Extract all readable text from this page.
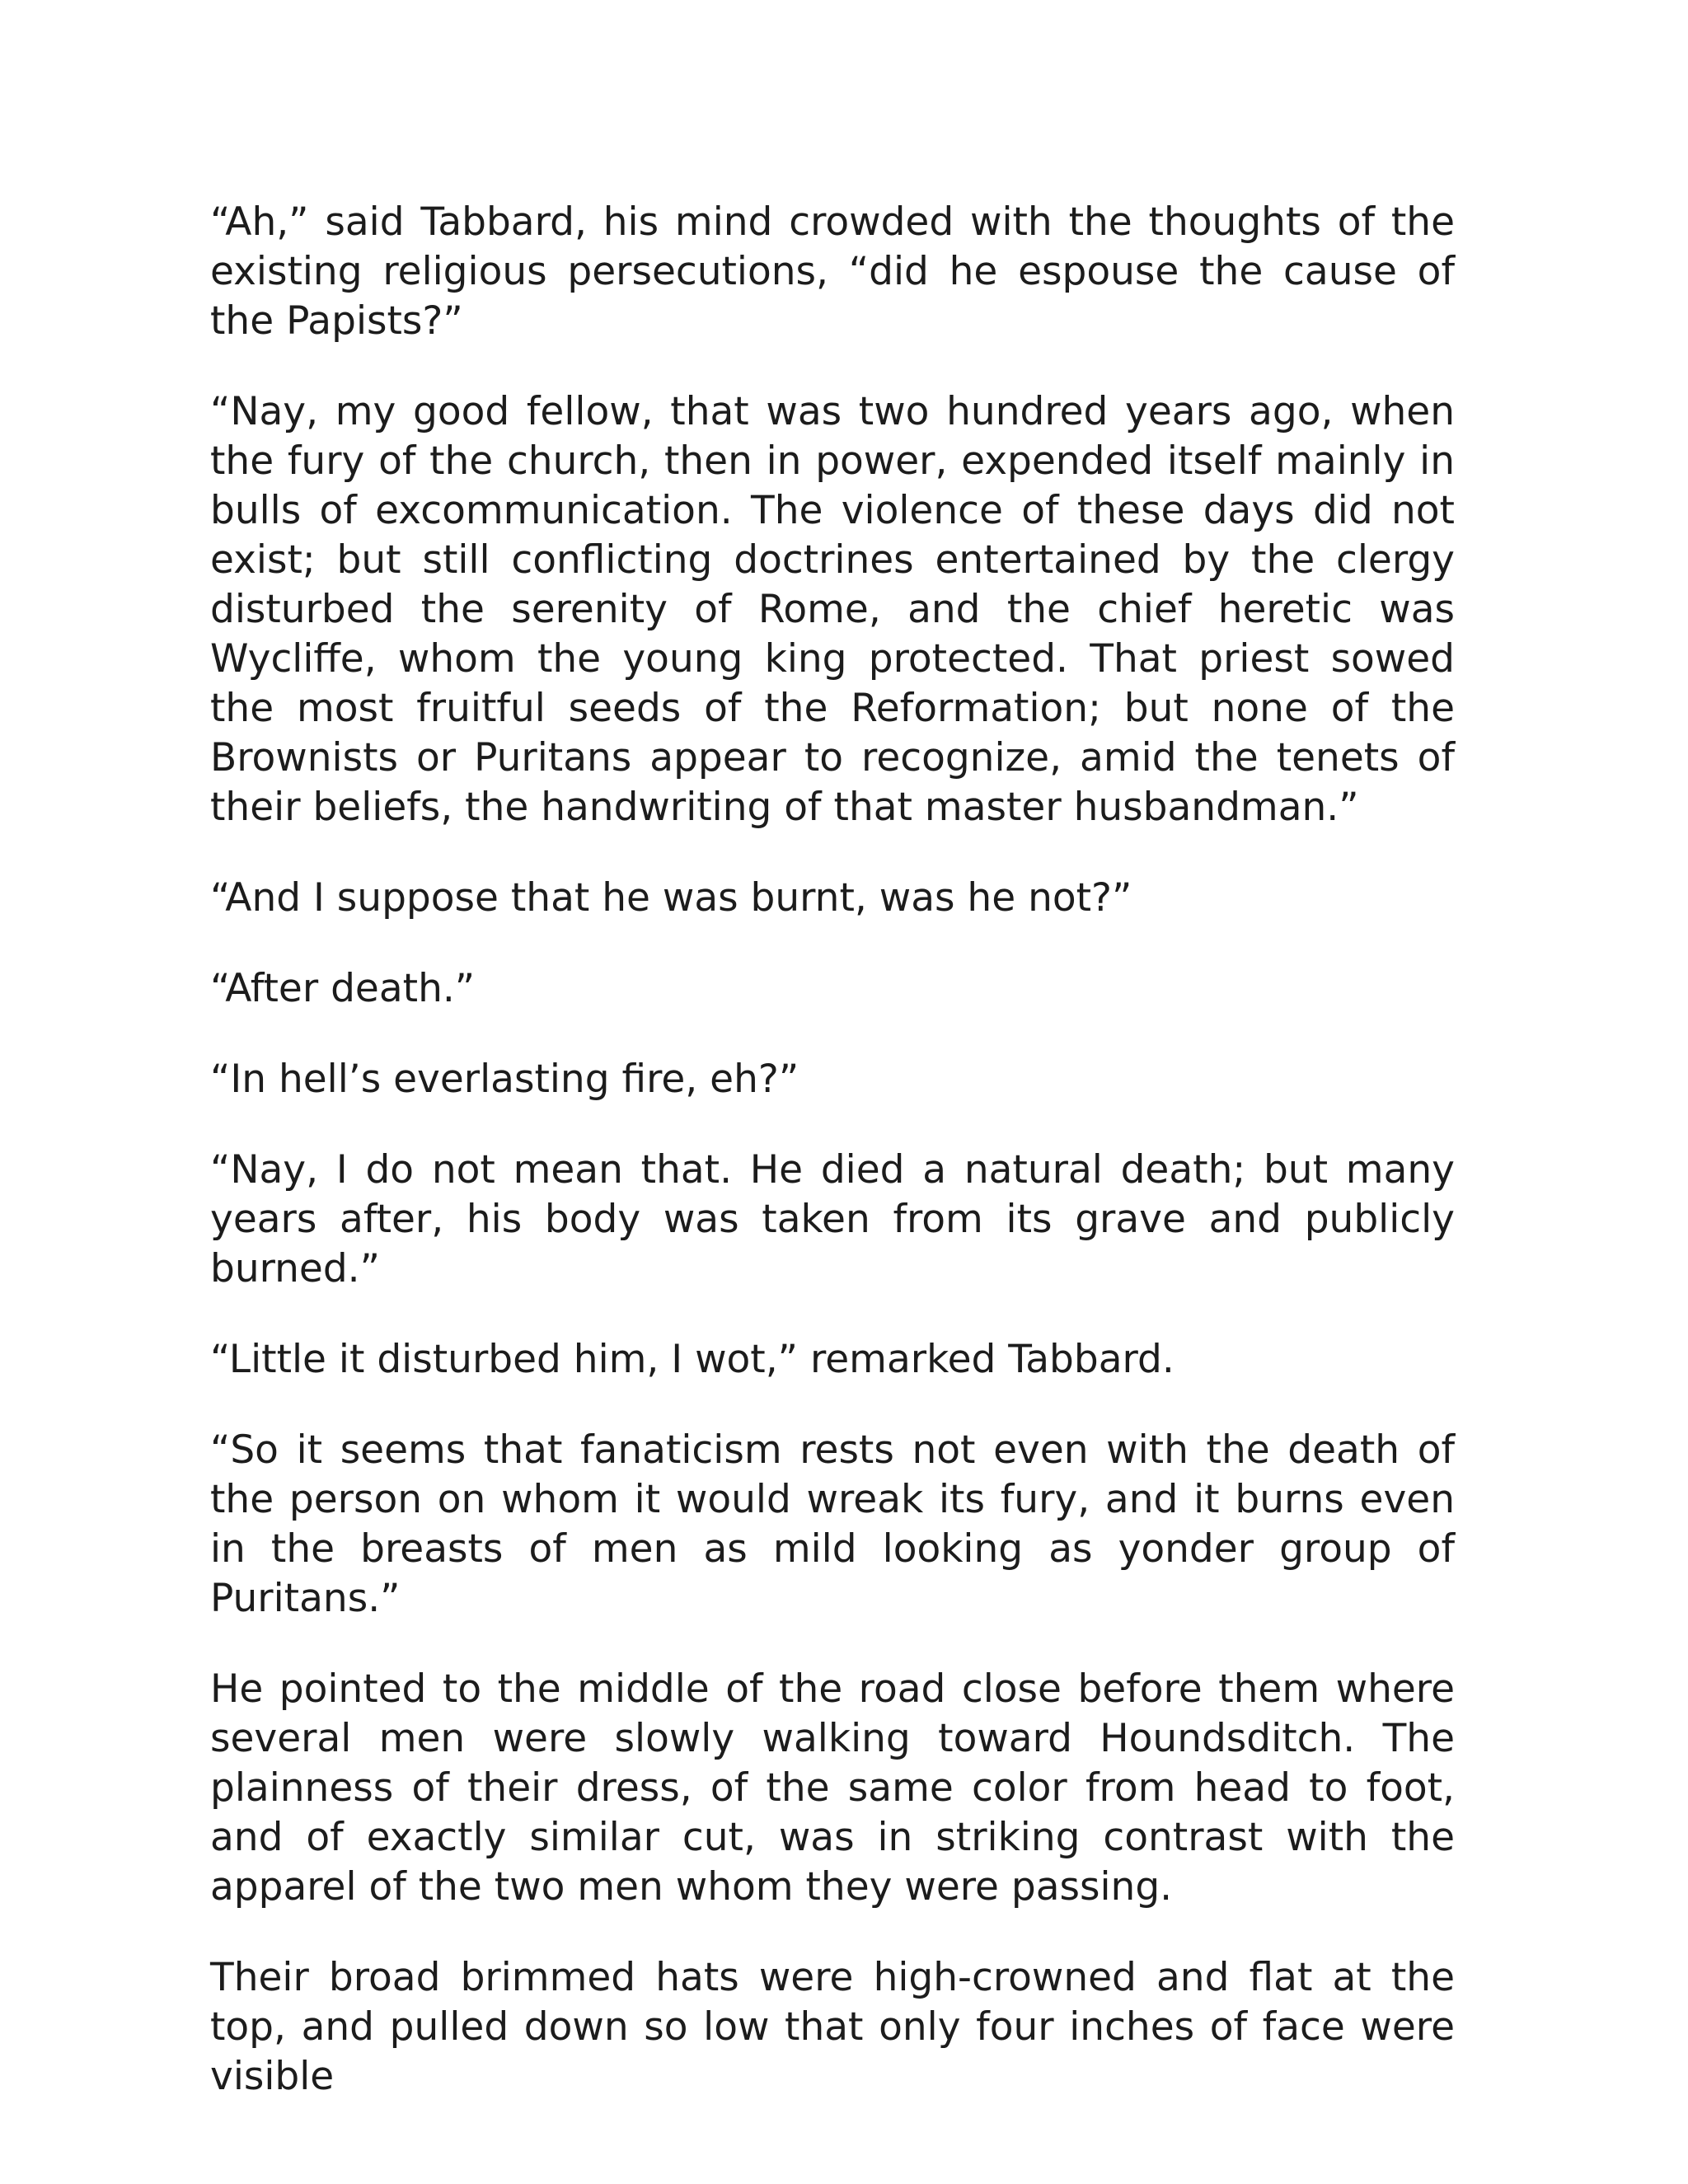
“Ah,” said Tabbard, his mind crowded with the thoughts of the existing religious persecutions, “did he espouse the cause of the Papists?”

“Nay, my good fellow, that was two hundred years ago, when the fury of the church, then in power, expended itself mainly in bulls of excommunication. The violence of these days did not exist; but still conflicting doctrines entertained by the clergy disturbed the serenity of Rome, and the chief heretic was Wycliffe, whom the young king protected. That priest sowed the most fruitful seeds of the Reformation; but none of the Brownists or Puritans appear to recognize, amid the tenets of their beliefs, the handwriting of that master husbandman.”

“And I suppose that he was burnt, was he not?”

“After death.”

“In hell’s everlasting fire, eh?”

“Nay, I do not mean that. He died a natural death; but many years after, his body was taken from its grave and publicly burned.”

“Little it disturbed him, I wot,” remarked Tabbard.

“So it seems that fanaticism rests not even with the death of the person on whom it would wreak its fury, and it burns even in the breasts of men as mild looking as yonder group of Puritans.”

He pointed to the middle of the road close before them where several men were slowly walking toward Houndsditch. The plainness of their dress, of the same color from head to foot, and of exactly similar cut, was in striking contrast with the apparel of the two men whom they were passing.

Their broad brimmed hats were high-crowned and flat at the top, and pulled down so low that only four inches of face were visible
